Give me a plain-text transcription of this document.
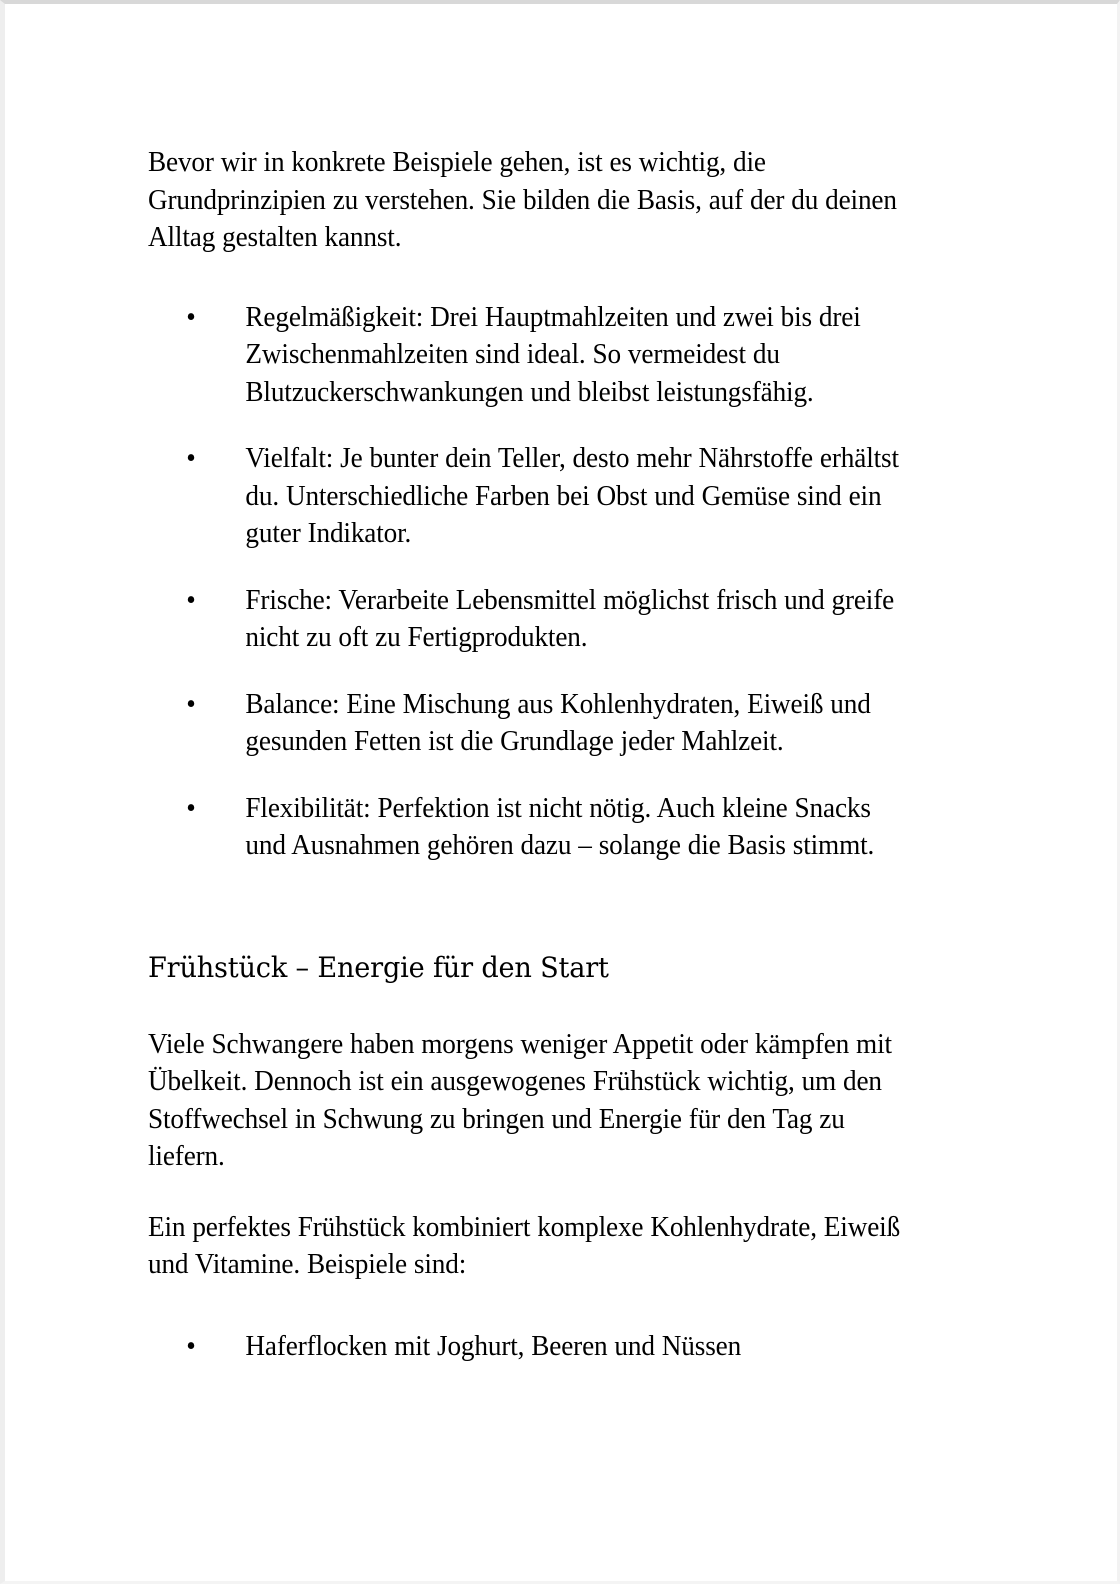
Bevor wir in konkrete Beispiele gehen, ist es wichtig, die Grundprinzipien zu verstehen. Sie bilden die Basis, auf der du deinen Alltag gestalten kannst.

• Regelmäßigkeit: Drei Hauptmahlzeiten und zwei bis drei Zwischenmahlzeiten sind ideal. So vermeidest du Blutzuckerschwankungen und bleibst leistungsfähig.
• Vielfalt: Je bunter dein Teller, desto mehr Nährstoffe erhältst du. Unterschiedliche Farben bei Obst und Gemüse sind ein guter Indikator.
• Frische: Verarbeite Lebensmittel möglichst frisch und greife nicht zu oft zu Fertigprodukten.
• Balance: Eine Mischung aus Kohlenhydraten, Eiweiß und gesunden Fetten ist die Grundlage jeder Mahlzeit.
• Flexibilität: Perfektion ist nicht nötig. Auch kleine Snacks und Ausnahmen gehören dazu – solange die Basis stimmt.
Frühstück – Energie für den Start

Viele Schwangere haben morgens weniger Appetit oder kämpfen mit Übelkeit. Dennoch ist ein ausgewogenes Frühstück wichtig, um den Stoffwechsel in Schwung zu bringen und Energie für den Tag zu liefern.

Ein perfektes Frühstück kombiniert komplexe Kohlenhydrate, Eiweiß und Vitamine. Beispiele sind:

• Haferflocken mit Joghurt, Beeren und Nüssen
